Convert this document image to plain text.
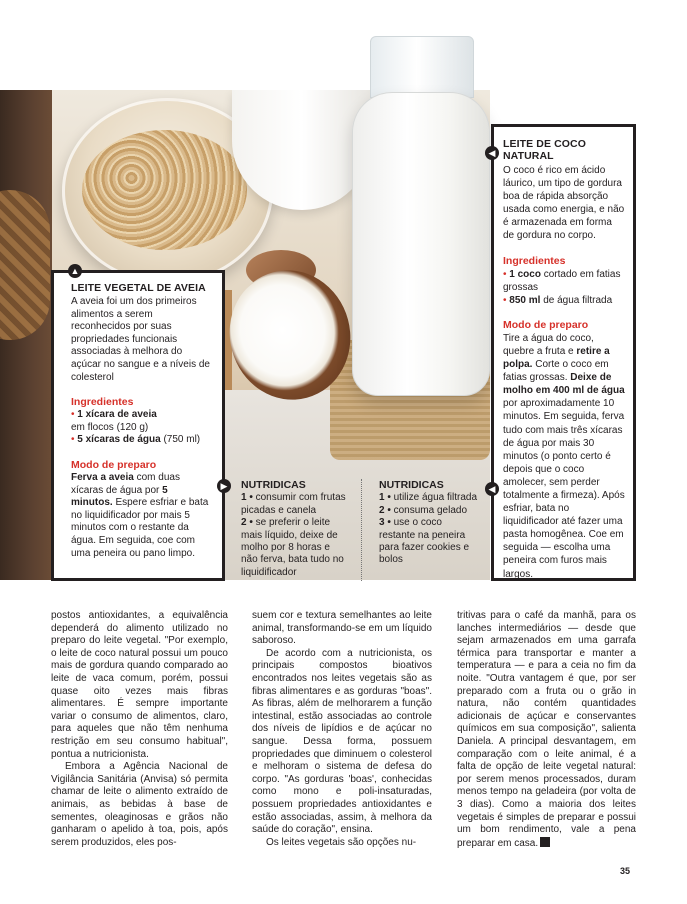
▲
▶
LEITE VEGETAL DE AVEIA

A aveia foi um dos primeiros alimentos a serem reconhecidos por suas propriedades funcionais associadas à melhora do açúcar no sangue e a níveis de colesterol

Ingredientes
• 1 xícara de aveia
em flocos (120 g)
• 5 xícaras de água (750 ml)
Modo de preparo

Ferva a aveia com duas xícaras de água por 5 minutos. Espere esfriar e bata no liquidificador por mais 5 minutos com o restante da água. Em seguida, coe com uma peneira ou pano limpo.

◀
◀
LEITE DE COCO NATURAL

O coco é rico em ácido láurico, um tipo de gordura boa de rápida absorção usada como energia, e não é armazenada em forma de gordura no corpo.

Ingredientes
• 1 coco cortado em fatias grossas
• 850 ml de água filtrada
Modo de preparo

Tire a água do coco, quebre a fruta e retire a polpa. Corte o coco em fatias grossas. Deixe de molho em 400 ml de água por aproximadamente 10 minutos. Em seguida, ferva tudo com mais três xícaras de água por mais 30 minutos (o ponto certo é depois que o coco amolecer, sem perder totalmente a firmeza). Após esfriar, bata no liquidificador até fazer uma pasta homogênea. Coe em seguida — escolha uma peneira com furos mais largos.

NUTRIDICAS

1 • consumir com frutas picadas e canela

2 • se preferir o leite mais líquido, deixe de molho por 8 horas e não ferva, bata tudo no liquidificador

NUTRIDICAS

1 • utilize água filtrada

2 • consuma gelado

3 • use o coco restante na peneira para fazer cookies e bolos

postos antioxidantes, a equivalência dependerá do alimento utilizado no preparo do leite vegetal. "Por exemplo, o leite de coco natural possui um pouco mais de gordura quando comparado ao leite de vaca comum, porém, possui quase oito vezes mais fibras alimentares. É sempre importante variar o consumo de alimentos, claro, para aqueles que não têm nenhuma restrição em seu consumo habitual", pontua a nutricionista.

Embora a Agência Nacional de Vigilância Sanitária (Anvisa) só permita chamar de leite o alimento extraído de animais, as bebidas à base de sementes, oleaginosas e grãos não ganharam o apelido à toa, pois, após serem produzidos, eles pos-

suem cor e textura semelhantes ao leite animal, transformando-se em um líquido saboroso.

De acordo com a nutricionista, os principais compostos bioativos encontrados nos leites vegetais são as fibras alimentares e as gorduras "boas". As fibras, além de melhorarem a função intestinal, estão associadas ao controle dos níveis de lipídios e de açúcar no sangue. Dessa forma, possuem propriedades que diminuem o colesterol e melhoram o sistema de defesa do corpo. "As gorduras 'boas', conhecidas como mono e poli-insaturadas, possuem propriedades antioxidantes e estão associadas, assim, à melhora da saúde do coração", ensina.

Os leites vegetais são opções nu-

tritivas para o café da manhã, para os lanches intermediários — desde que sejam armazenados em uma garrafa térmica para transportar e manter a temperatura — e para a ceia no fim da noite. "Outra vantagem é que, por ser preparado com a fruta ou o grão in natura, não contém quantidades adicionais de açúcar e conservantes químicos em sua composição", salienta Daniela. A principal desvantagem, em comparação com o leite animal, é a falta de opção de leite vegetal natural: por serem menos processados, duram menos tempo na geladeira (por volta de 3 dias). Como a maioria dos leites vegetais é simples de preparar e possui um bom rendimento, vale a pena preparar em casa.

35
